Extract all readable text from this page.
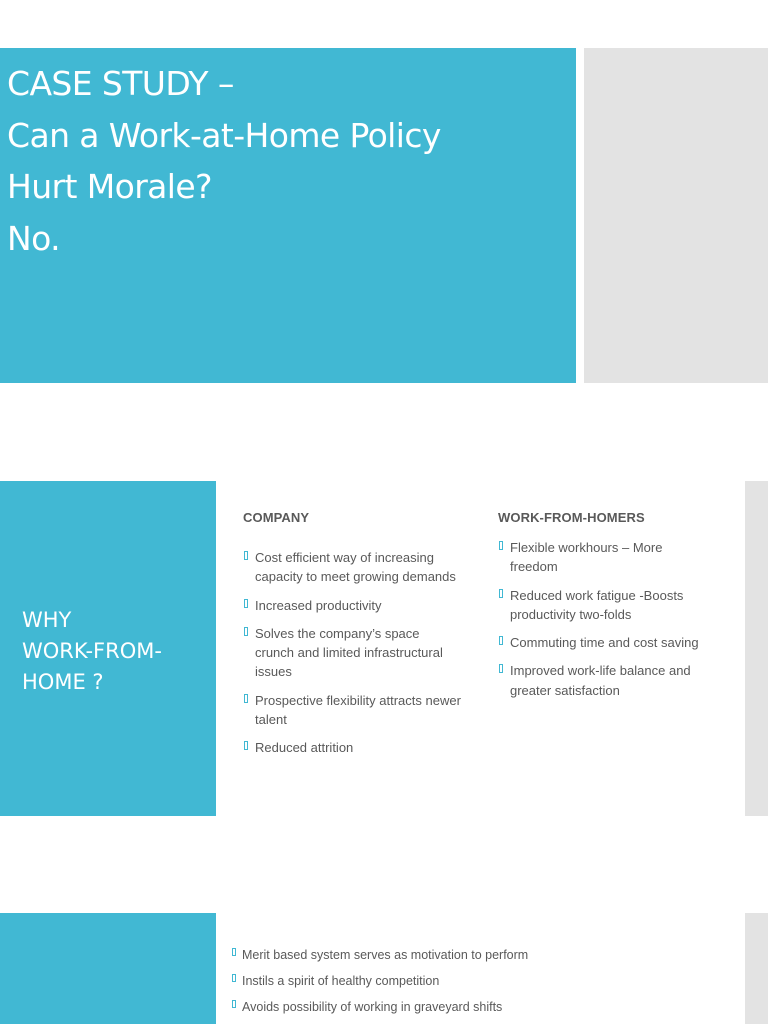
CASE STUDY –
Can a Work-at-Home Policy
Hurt Morale?
No.
WHY
WORK-FROM-
HOME ?
COMPANY
Cost efficient way of increasing capacity to meet growing demands
Increased productivity
Solves the company’s space crunch and limited infrastructural issues
Prospective flexibility attracts newer talent
Reduced attrition
WORK-FROM-HOMERS
Flexible workhours – More freedom
Reduced work fatigue -Boosts productivity two-folds
Commuting time and cost saving
Improved work-life balance and greater satisfaction
Merit based system serves as motivation to perform
Instils a spirit of healthy competition
Avoids possibility of working in graveyard shifts
